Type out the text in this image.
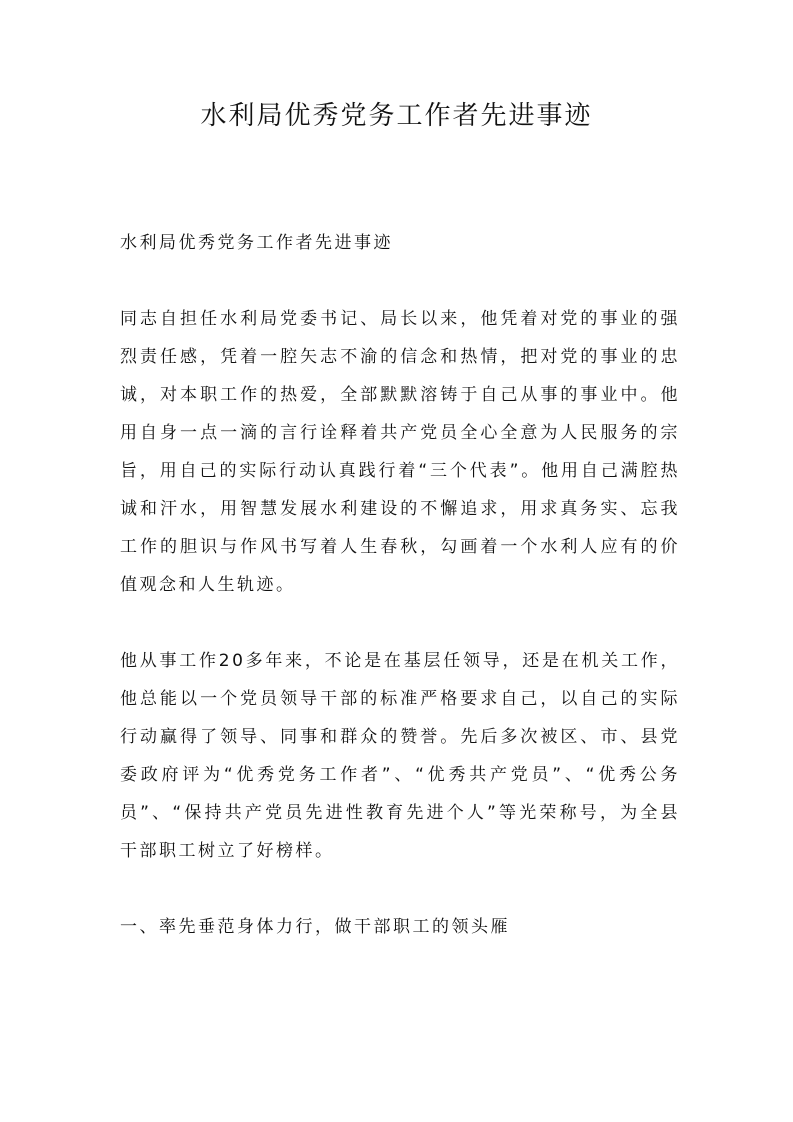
水利局优秀党务工作者先进事迹

水利局优秀党务工作者先进事迹

同志自担任水利局党委书记、局长以来，他凭着对党的事业的强烈责任感，凭着一腔矢志不渝的信念和热情，把对党的事业的忠诚，对本职工作的热爱，全部默默溶铸于自己从事的事业中。他用自身一点一滴的言行诠释着共产党员全心全意为人民服务的宗旨，用自己的实际行动认真践行着“三个代表”。他用自己满腔热诚和汗水，用智慧发展水利建设的不懈追求，用求真务实、忘我工作的胆识与作风书写着人生春秋，勾画着一个水利人应有的价值观念和人生轨迹。

他从事工作20多年来，不论是在基层任领导，还是在机关工作，他总能以一个党员领导干部的标准严格要求自己，以自己的实际行动赢得了领导、同事和群众的赞誉。先后多次被区、市、县党委政府评为“优秀党务工作者”、“优秀共产党员”、“优秀公务员”、“保持共产党员先进性教育先进个人”等光荣称号，为全县干部职工树立了好榜样。

一、率先垂范身体力行，做干部职工的领头雁
